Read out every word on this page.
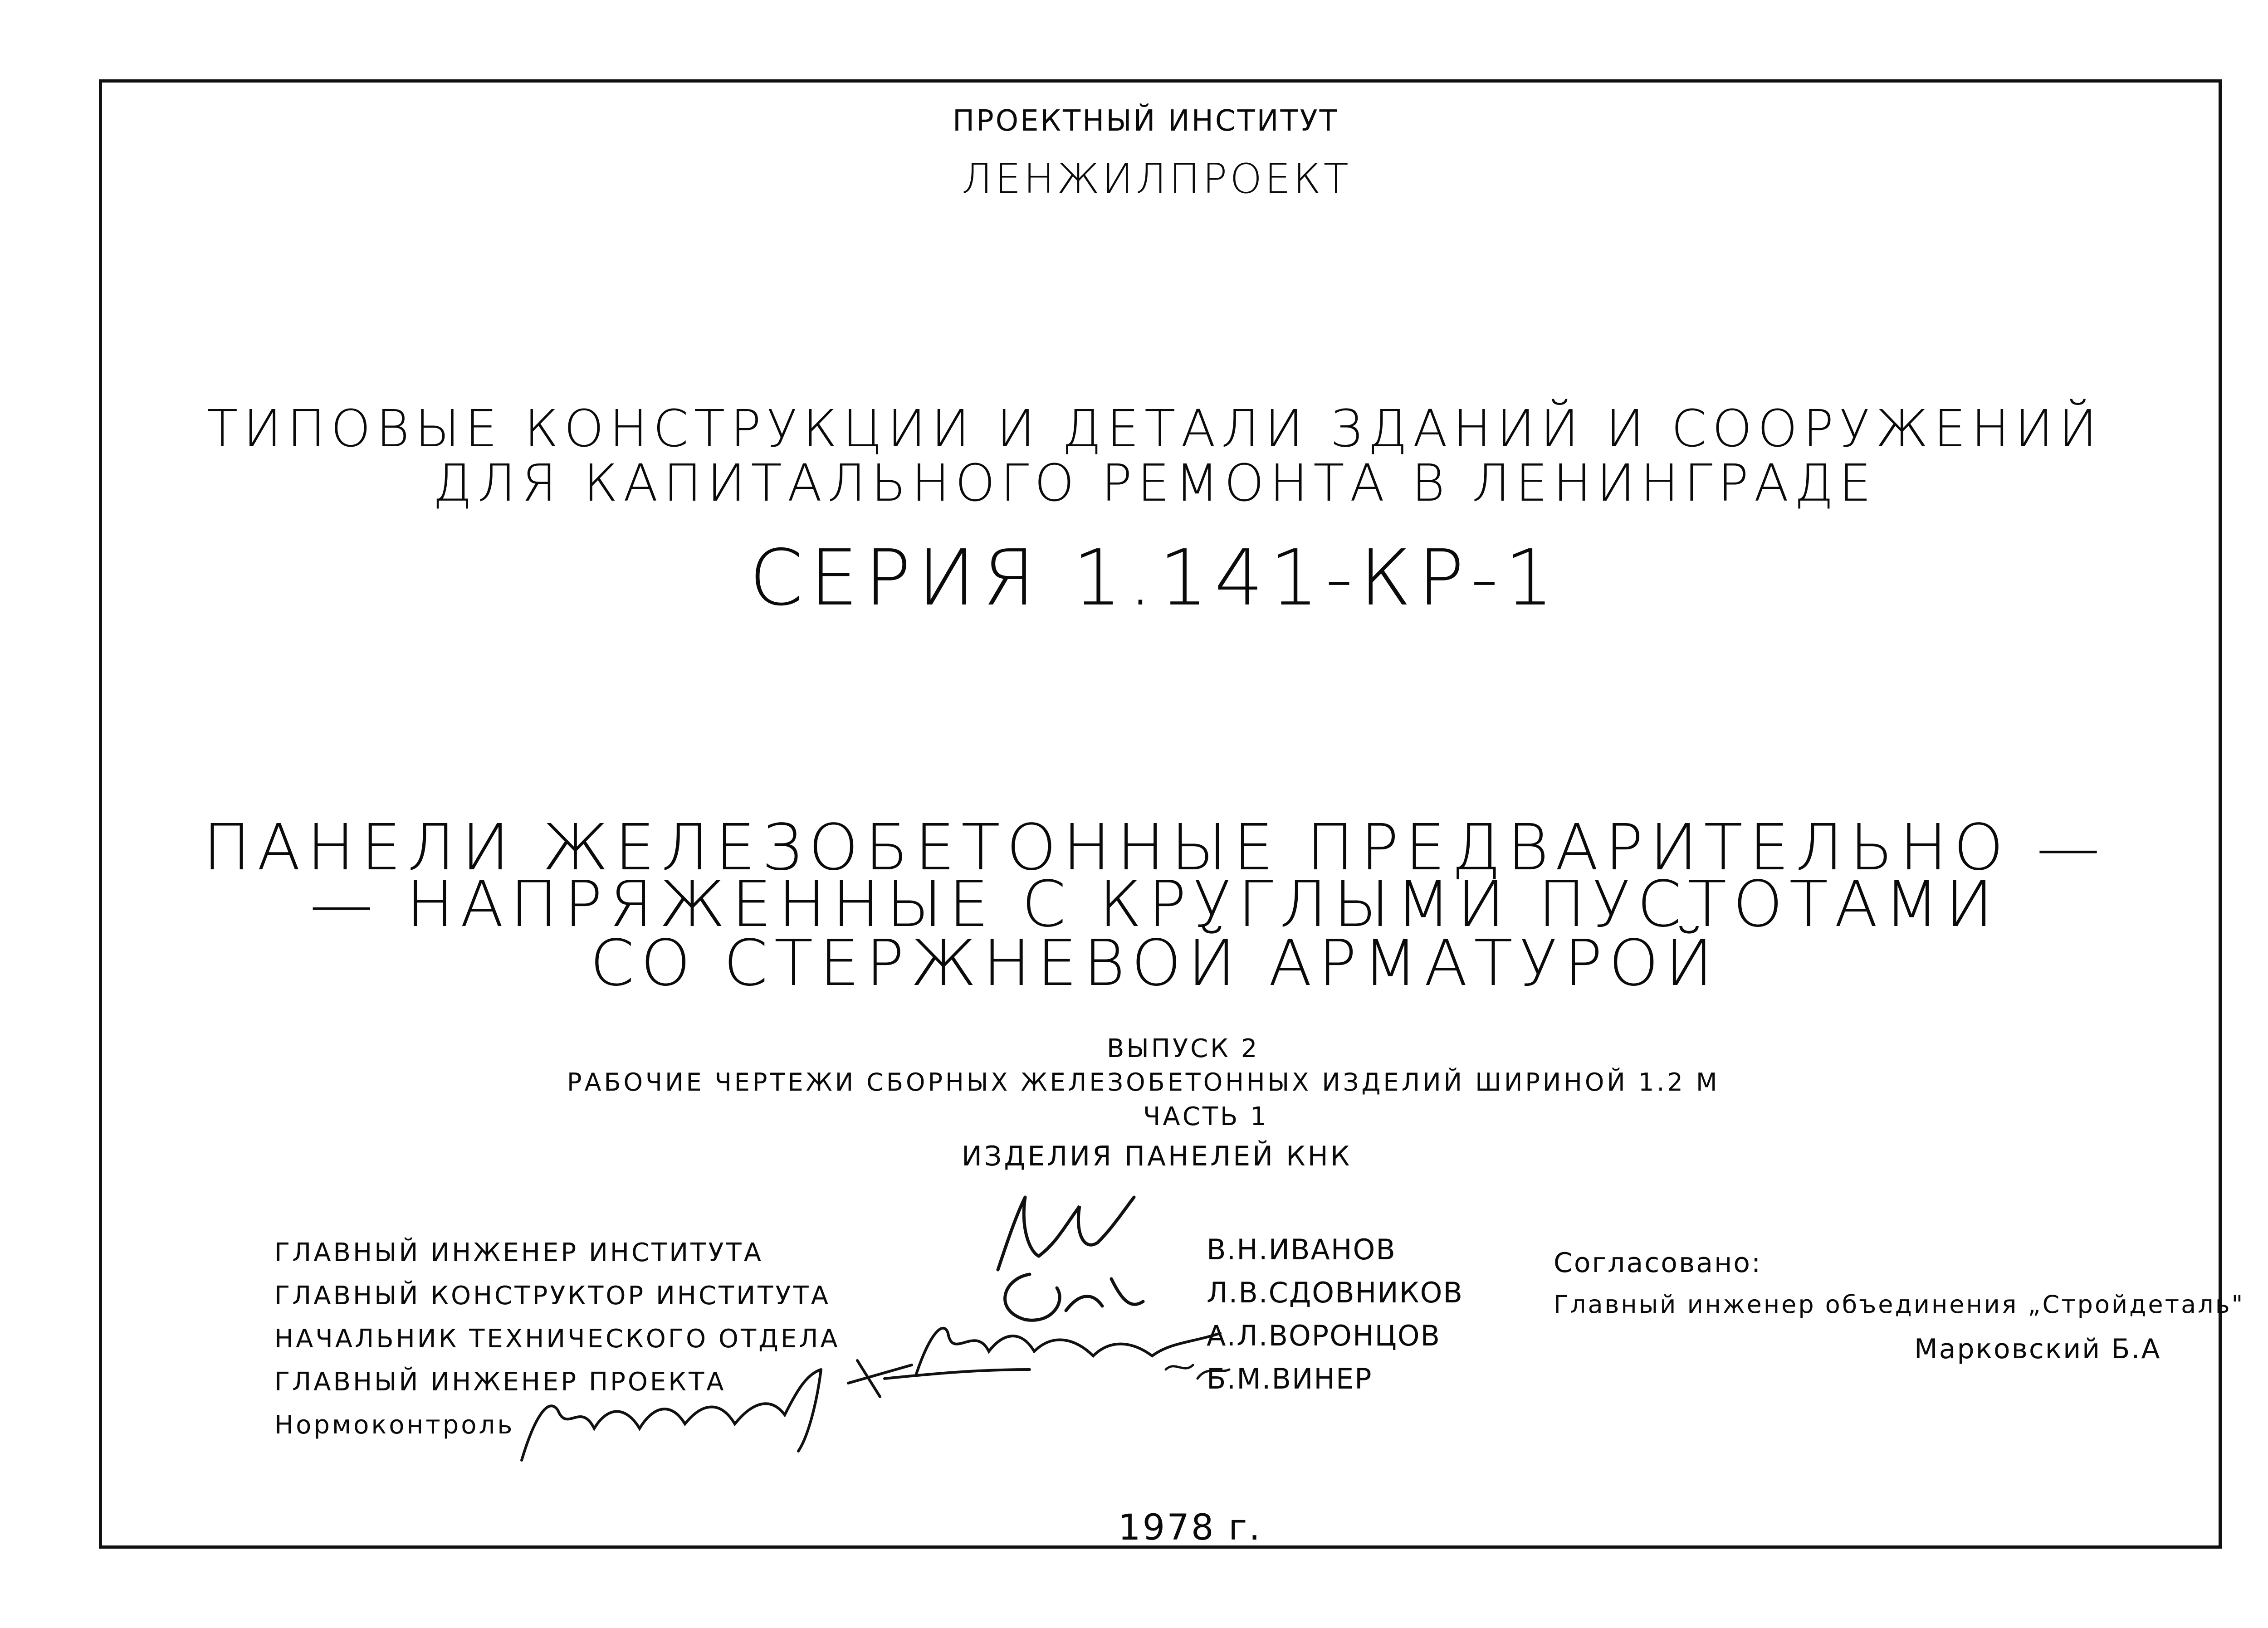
ПРОЕКТНЫЙ ИНСТИТУТ
ЛЕНЖИЛПРОЕКТ
ТИПОВЫЕ КОНСТРУКЦИИ И ДЕТАЛИ ЗДАНИЙ И СООРУЖЕНИЙ
ДЛЯ КАПИТАЛЬНОГО РЕМОНТА В ЛЕНИНГРАДЕ
СЕРИЯ 1.141-КР-1
ПАНЕЛИ ЖЕЛЕЗОБЕТОННЫЕ ПРЕДВАРИТЕЛЬНО —
— НАПРЯЖЕННЫЕ С КРУГЛЫМИ ПУСТОТАМИ
СО СТЕРЖНЕВОЙ АРМАТУРОЙ
ВЫПУСК 2
РАБОЧИЕ ЧЕРТЕЖИ СБОРНЫХ ЖЕЛЕЗОБЕТОННЫХ ИЗДЕЛИЙ ШИРИНОЙ 1.2 М
ЧАСТЬ 1
ИЗДЕЛИЯ ПАНЕЛЕЙ КНК
ГЛАВНЫЙ ИНЖЕНЕР ИНСТИТУТА
ГЛАВНЫЙ КОНСТРУКТОР ИНСТИТУТА
НАЧАЛЬНИК ТЕХНИЧЕСКОГО ОТДЕЛА
ГЛАВНЫЙ ИНЖЕНЕР ПРОЕКТА
Нормоконтроль
В.Н.ИВАНОВ
Л.В.СДОВНИКОВ
А.Л.ВОРОНЦОВ
Б.М.ВИНЕР
Согласовано:
Главный инженер объединения „Стройдеталь"
Марковский Б.А
1978 г.
